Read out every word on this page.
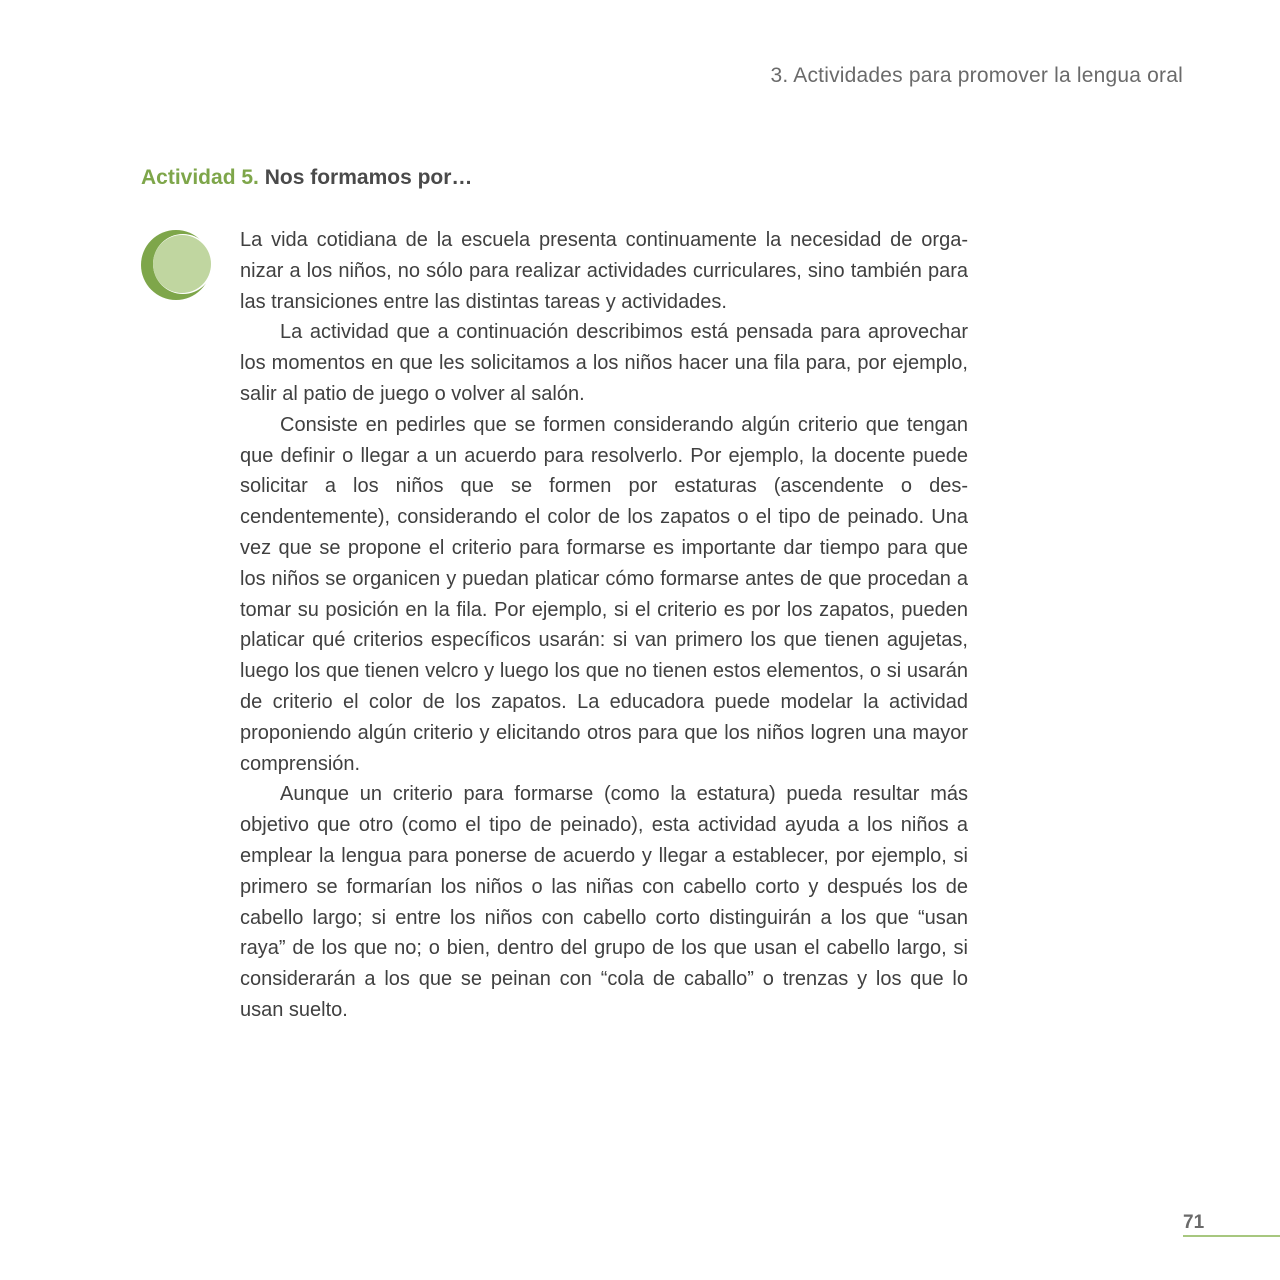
3. Actividades para promover la lengua oral
Actividad 5. Nos formamos por…

La vida cotidiana de la escuela presenta continuamente la necesidad de organizar a los niños, no sólo para realizar actividades curriculares, sino también para las transiciones entre las distintas tareas y actividades.

La actividad que a continuación describimos está pensada para aprovechar los momentos en que les solicitamos a los niños hacer una fila para, por ejemplo, salir al patio de juego o volver al salón.

Consiste en pedirles que se formen considerando algún criterio que tengan que definir o llegar a un acuerdo para resolverlo. Por ejemplo, la docente puede solicitar a los niños que se formen por estaturas (ascendente o descendentemente), considerando el color de los zapatos o el tipo de peinado. Una vez que se propone el criterio para formarse es importante dar tiempo para que los niños se organicen y puedan platicar cómo formarse antes de que procedan a tomar su posición en la fila. Por ejemplo, si el criterio es por los zapatos, pueden platicar qué criterios específicos usarán: si van primero los que tienen agujetas, luego los que tienen velcro y luego los que no tienen estos elementos, o si usarán de criterio el color de los zapatos. La educadora puede modelar la actividad proponiendo algún criterio y elicitando otros para que los niños logren una mayor comprensión.

Aunque un criterio para formarse (como la estatura) pueda resultar más objetivo que otro (como el tipo de peinado), esta actividad ayuda a los niños a emplear la lengua para ponerse de acuerdo y llegar a establecer, por ejemplo, si primero se formarían los niños o las niñas con cabello corto y después los de cabello largo; si entre los niños con cabello corto distinguirán a los que “usan raya” de los que no; o bien, dentro del grupo de los que usan el cabello largo, si considerarán a los que se peinan con “cola de caballo” o trenzas y los que lo usan suelto.

71
